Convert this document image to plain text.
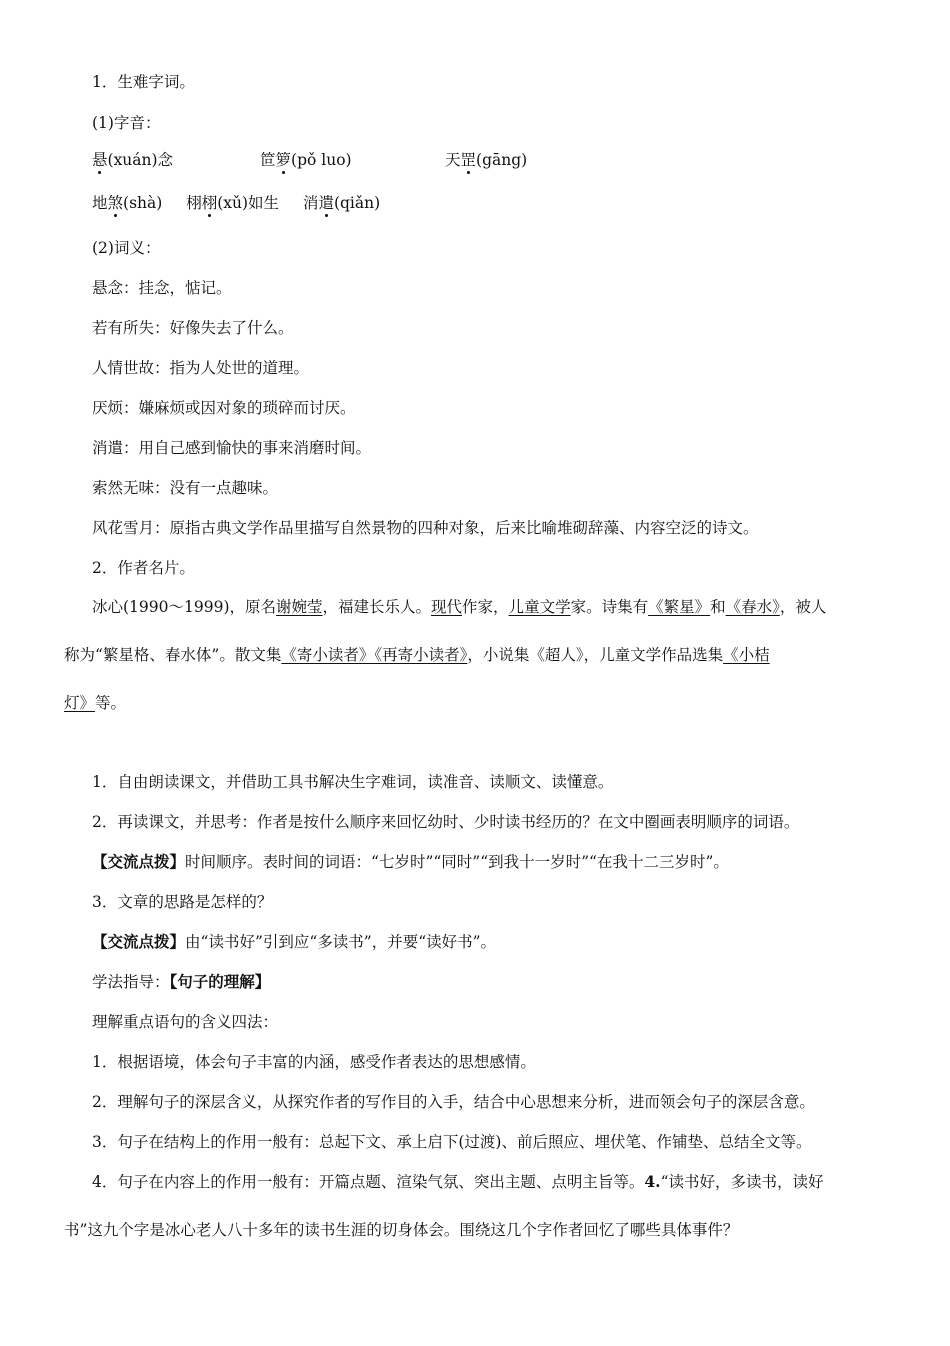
1．生难字词。
(1)字音：
悬(xuán)念	笸箩(pǒ luo)	天罡(gāng)
地煞(shà) 栩栩(xǔ)如生 消遣(qiǎn)
(2)词义：
悬念：挂念，惦记。
若有所失：好像失去了什么。
人情世故：指为人处世的道理。
厌烦：嫌麻烦或因对象的琐碎而讨厌。
消遣：用自己感到愉快的事来消磨时间。
索然无味：没有一点趣味。
风花雪月：原指古典文学作品里描写自然景物的四种对象，后来比喻堆砌辞藻、内容空泛的诗文。
2．作者名片。
冰心(1990～1999)，原名谢婉莹，福建长乐人。现代作家，儿童文学家。诗集有《繁星》和《春水》，被人
称为“繁星格、春水体”。散文集《寄小读者》《再寄小读者》，小说集《超人》，儿童文学作品选集《小桔
灯》等。
1．自由朗读课文，并借助工具书解决生字难词，读准音、读顺文、读懂意。
2．再读课文，并思考：作者是按什么顺序来回忆幼时、少时读书经历的？在文中圈画表明顺序的词语。
【交流点拨】时间顺序。表时间的词语：“七岁时”“同时”“到我十一岁时”“在我十二三岁时”。
3．文章的思路是怎样的？
【交流点拨】由“读书好”引到应“多读书”，并要“读好书”。
学法指导：【句子的理解】
理解重点语句的含义四法：
1．根据语境，体会句子丰富的内涵，感受作者表达的思想感情。
2．理解句子的深层含义，从探究作者的写作目的入手，结合中心思想来分析，进而领会句子的深层含意。
3．句子在结构上的作用一般有：总起下文、承上启下(过渡)、前后照应、埋伏笔、作铺垫、总结全文等。
4．句子在内容上的作用一般有：开篇点题、渲染气氛、突出主题、点明主旨等。4.“读书好，多读书，读好
书”这九个字是冰心老人八十多年的读书生涯的切身体会。围绕这几个字作者回忆了哪些具体事件？
